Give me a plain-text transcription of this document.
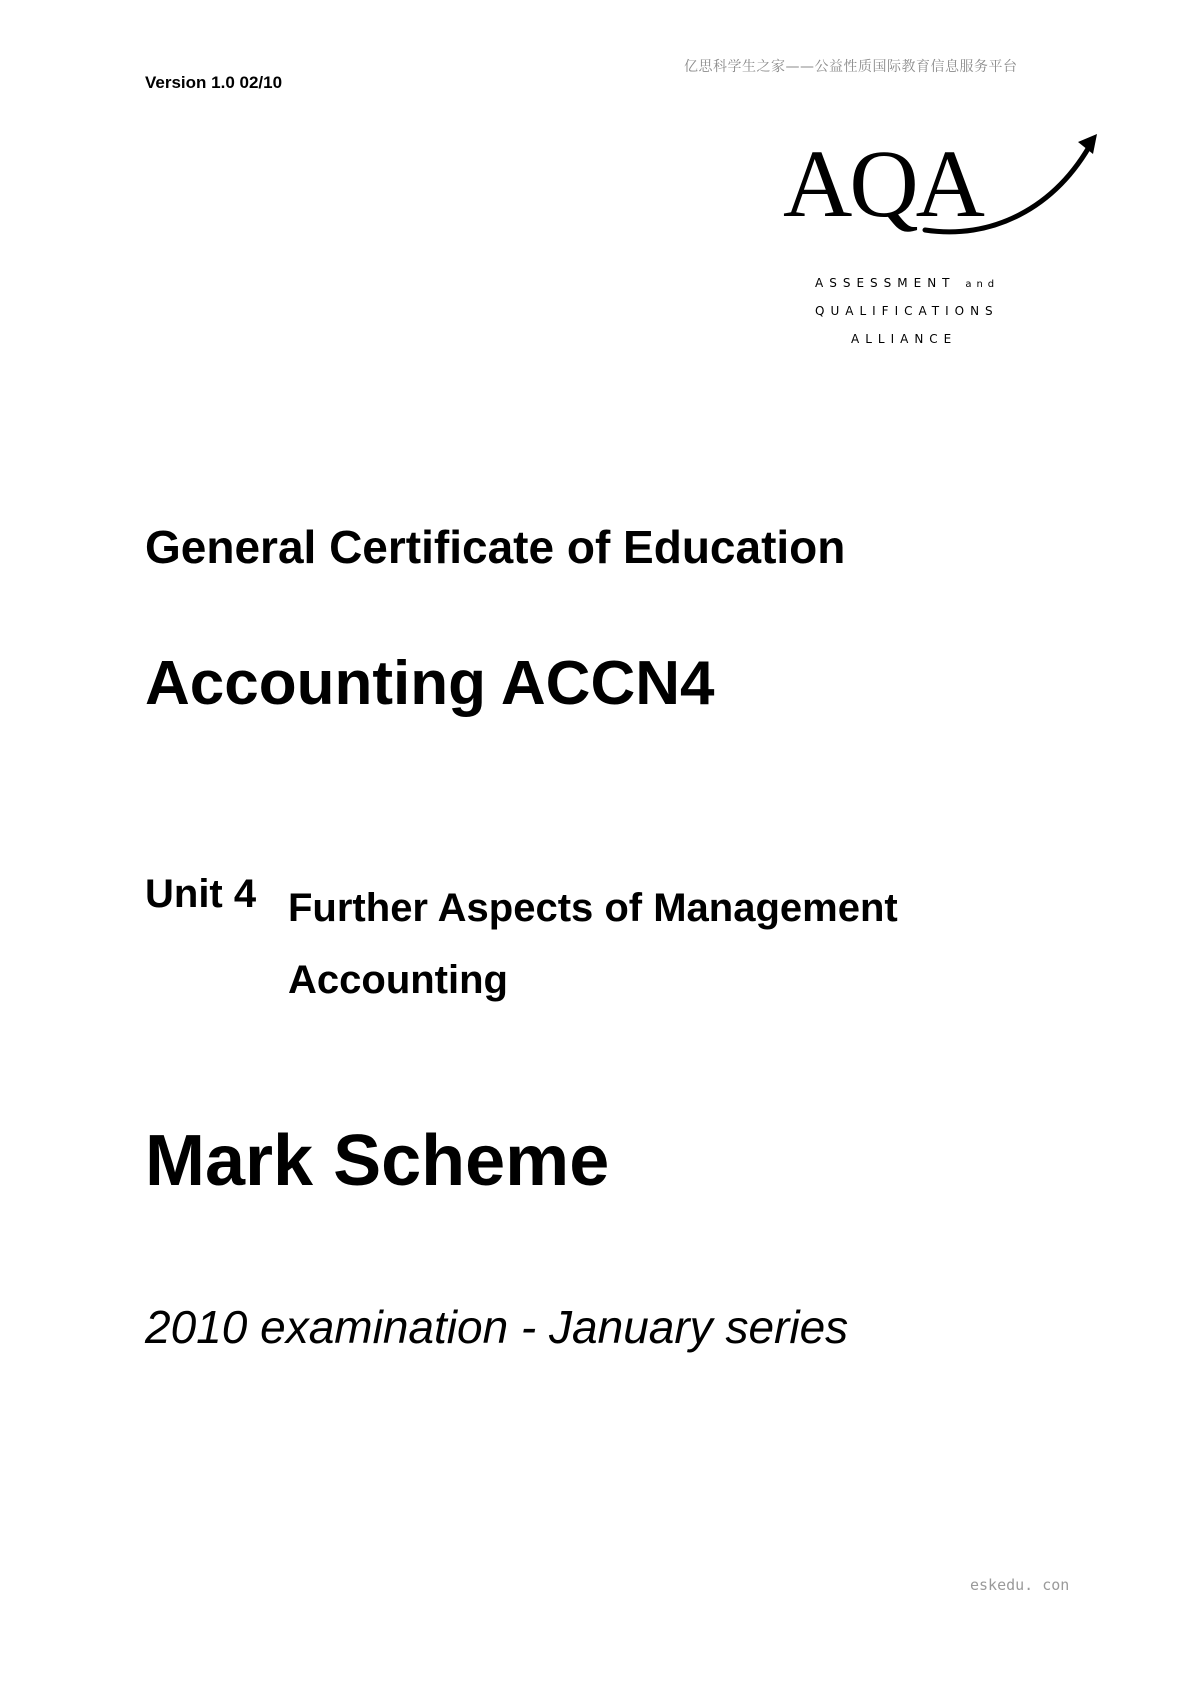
亿思科学生之家——公益性质国际教育信息服务平台
Version 1.0 02/10
AQA
ASSESSMENT and
QUALIFICATIONS
ALLIANCE
General Certificate of Education
Accounting ACCN4
Unit 4 Further Aspects of Management Accounting
Mark Scheme
2010 examination - January series
eskedu. con
